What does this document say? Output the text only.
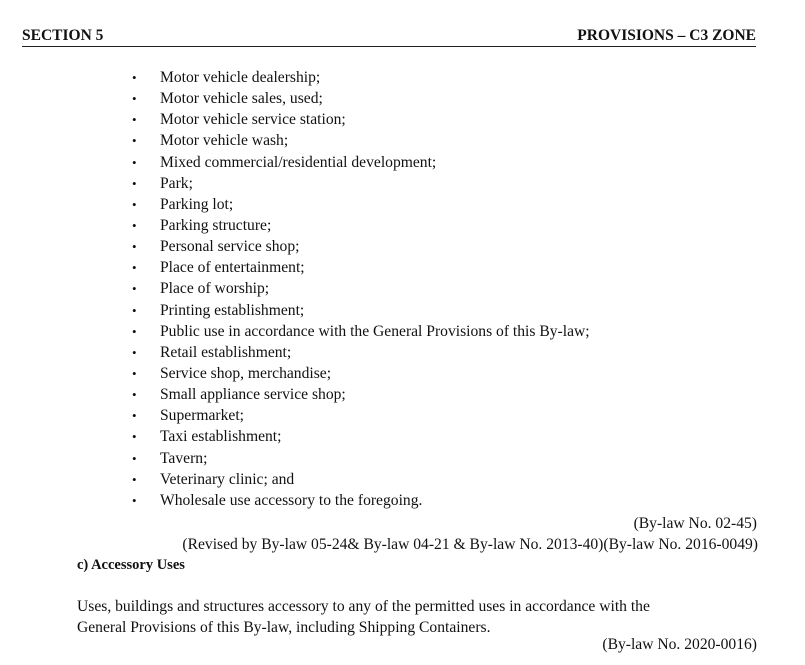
SECTION 5	PROVISIONS – C3 ZONE
• Motor vehicle dealership;
• Motor vehicle sales, used;
• Motor vehicle service station;
• Motor vehicle wash;
• Mixed commercial/residential development;
• Park;
• Parking lot;
• Parking structure;
• Personal service shop;
• Place of entertainment;
• Place of worship;
• Printing establishment;
• Public use in accordance with the General Provisions of this By-law;
• Retail establishment;
• Service shop, merchandise;
• Small appliance service shop;
• Supermarket;
• Taxi establishment;
• Tavern;
• Veterinary clinic; and
• Wholesale use accessory to the foregoing.
(By-law No. 02-45)
(Revised by By-law 05-24& By-law 04-21 & By-law No. 2013-40)(By-law No. 2016-0049)
c) Accessory Uses
Uses, buildings and structures accessory to any of the permitted uses in accordance with the
General Provisions of this By-law, including Shipping Containers.
(By-law No. 2020-0016)
